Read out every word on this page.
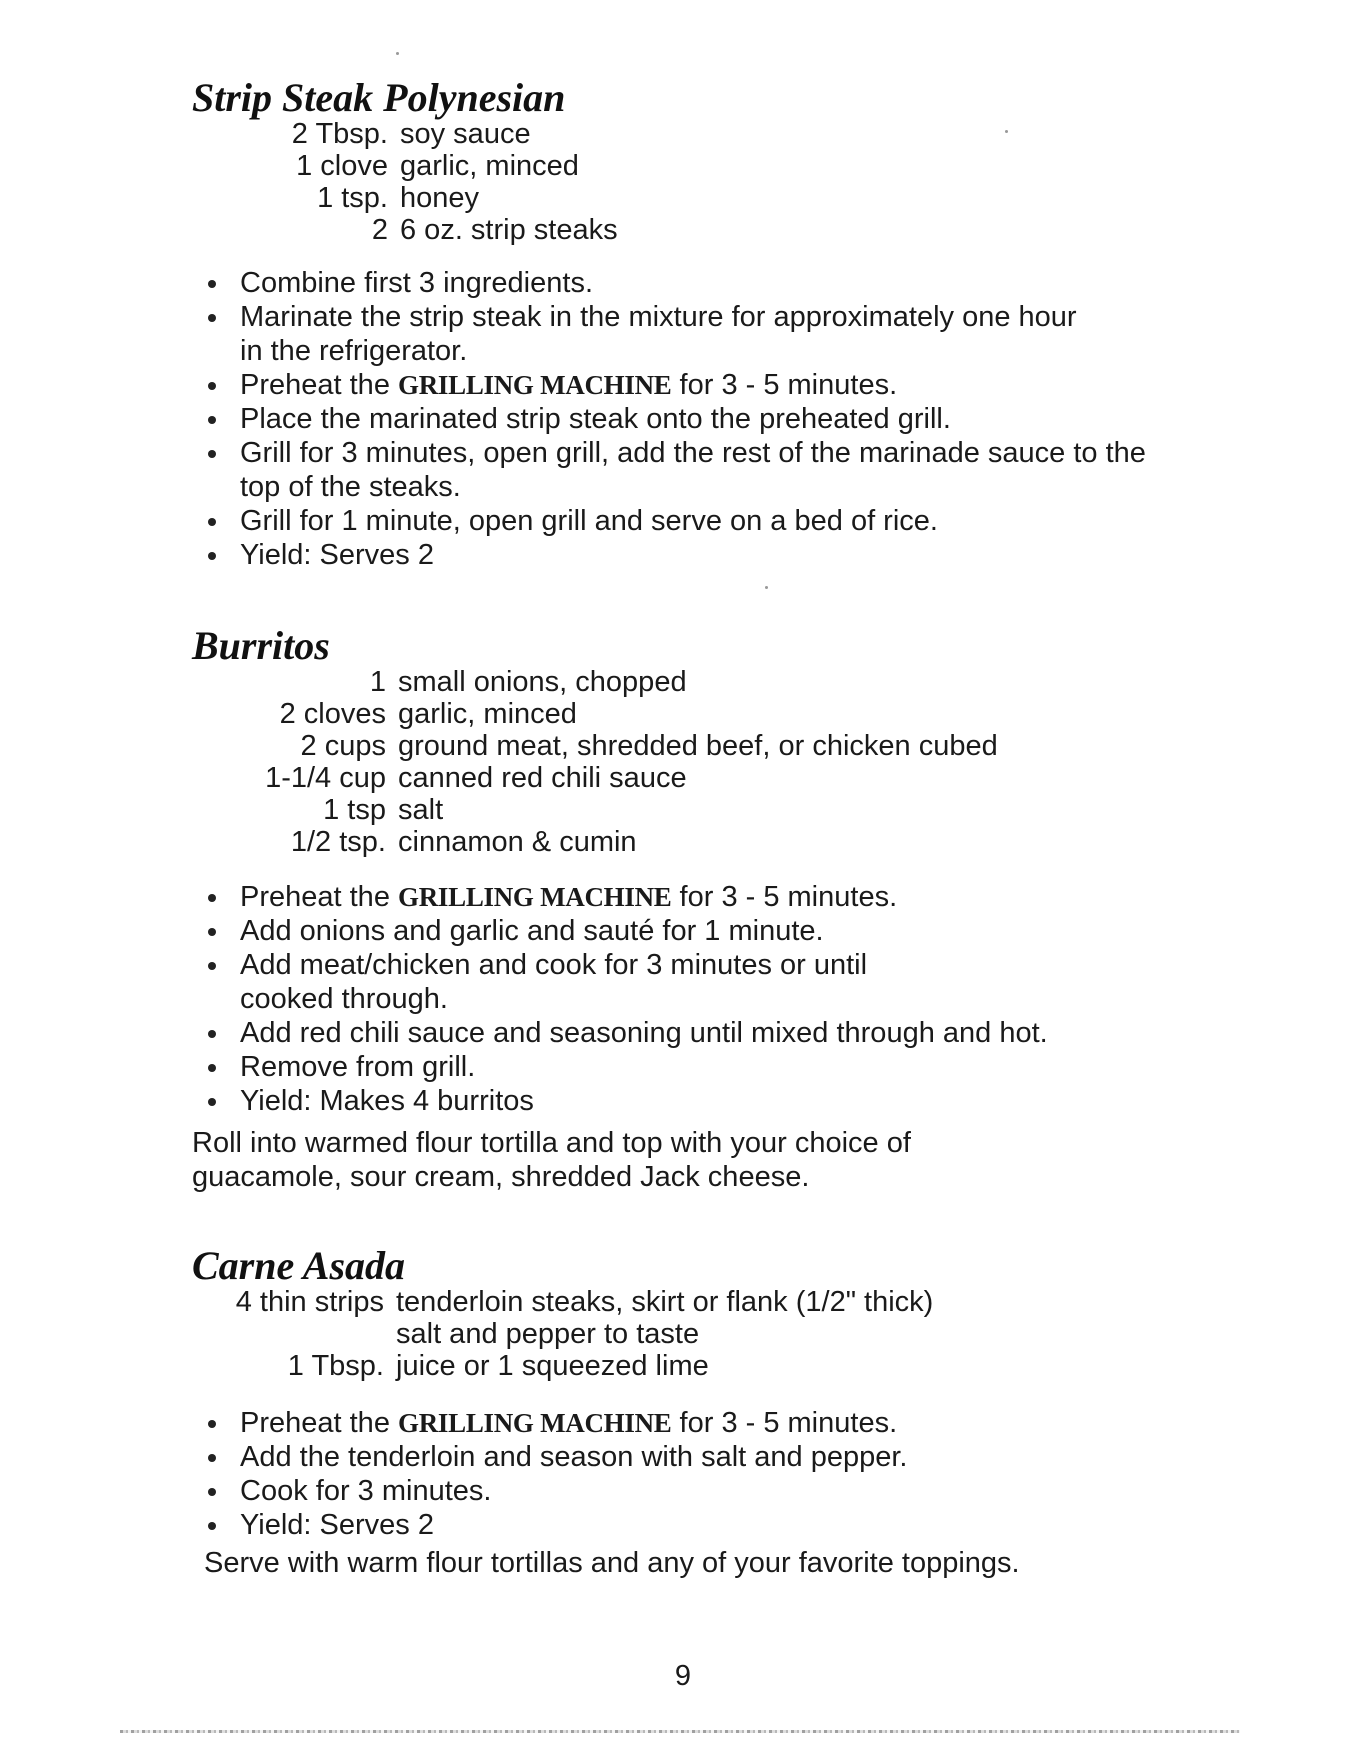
Strip Steak Polynesian
2 Tbsp. soy sauce
1 clove garlic, minced
1 tsp. honey
2 6 oz. strip steaks
Combine first 3 ingredients.
Marinate the strip steak in the mixture for approximately one hour in the refrigerator.
Preheat the GRILLING MACHINE for 3 - 5 minutes.
Place the marinated strip steak onto the preheated grill.
Grill for 3 minutes, open grill, add the rest of the marinade sauce to the top of the steaks.
Grill for 1 minute, open grill and serve on a bed of rice.
Yield: Serves 2
Burritos
1 small onions, chopped
2 cloves garlic, minced
2 cups ground meat, shredded beef, or chicken cubed
1-1/4 cup canned red chili sauce
1 tsp salt
1/2 tsp. cinnamon & cumin
Preheat the GRILLING MACHINE for 3 - 5 minutes.
Add onions and garlic and sauté for 1 minute.
Add meat/chicken and cook for 3 minutes or until cooked through.
Add red chili sauce and seasoning until mixed through and hot.
Remove from grill.
Yield: Makes 4 burritos

Roll into warmed flour tortilla and top with your choice of guacamole, sour cream, shredded Jack cheese.

Carne Asada
4 thin strips tenderloin steaks, skirt or flank (1/2" thick)
salt and pepper to taste
1 Tbsp. juice or 1 squeezed lime
Preheat the GRILLING MACHINE for 3 - 5 minutes.
Add the tenderloin and season with salt and pepper.
Cook for 3 minutes.
Yield: Serves 2

Serve with warm flour tortillas and any of your favorite toppings.

9
